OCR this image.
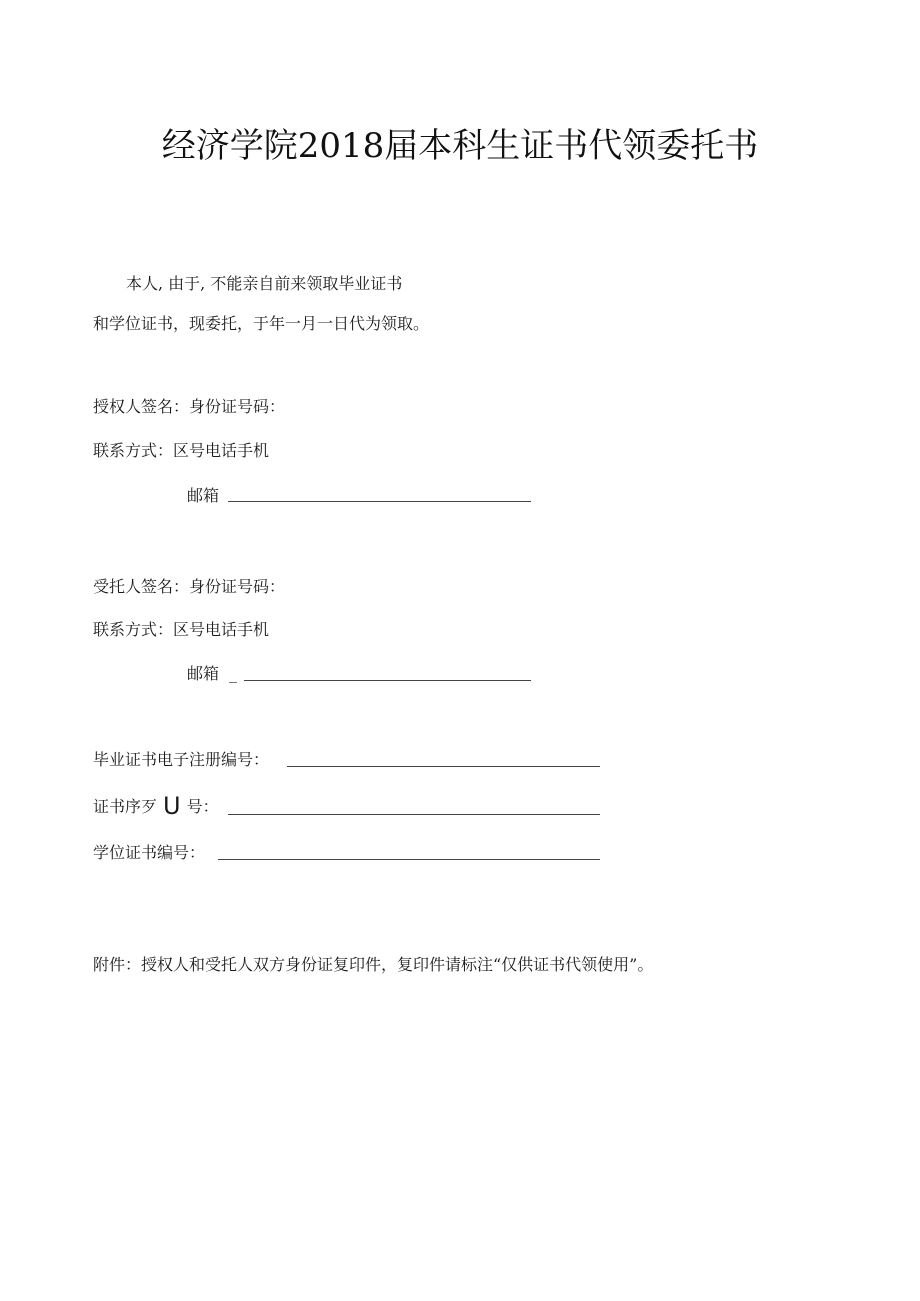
经济学院2018届本科生证书代领委托书
本人, 由于, 不能亲自前来领取毕业证书
和学位证书，现委托，于年一月一日代为领取。
授权人签名：身份证号码：
联系方式：区号电话手机
邮箱
受托人签名：身份证号码：
联系方式：区号电话手机
邮箱 _
毕业证书电子注册编号：
证书序歹 U 号：
学位证书编号：
附件：授权人和受托人双方身份证复印件，复印件请标注“仅供证书代领使用”。
